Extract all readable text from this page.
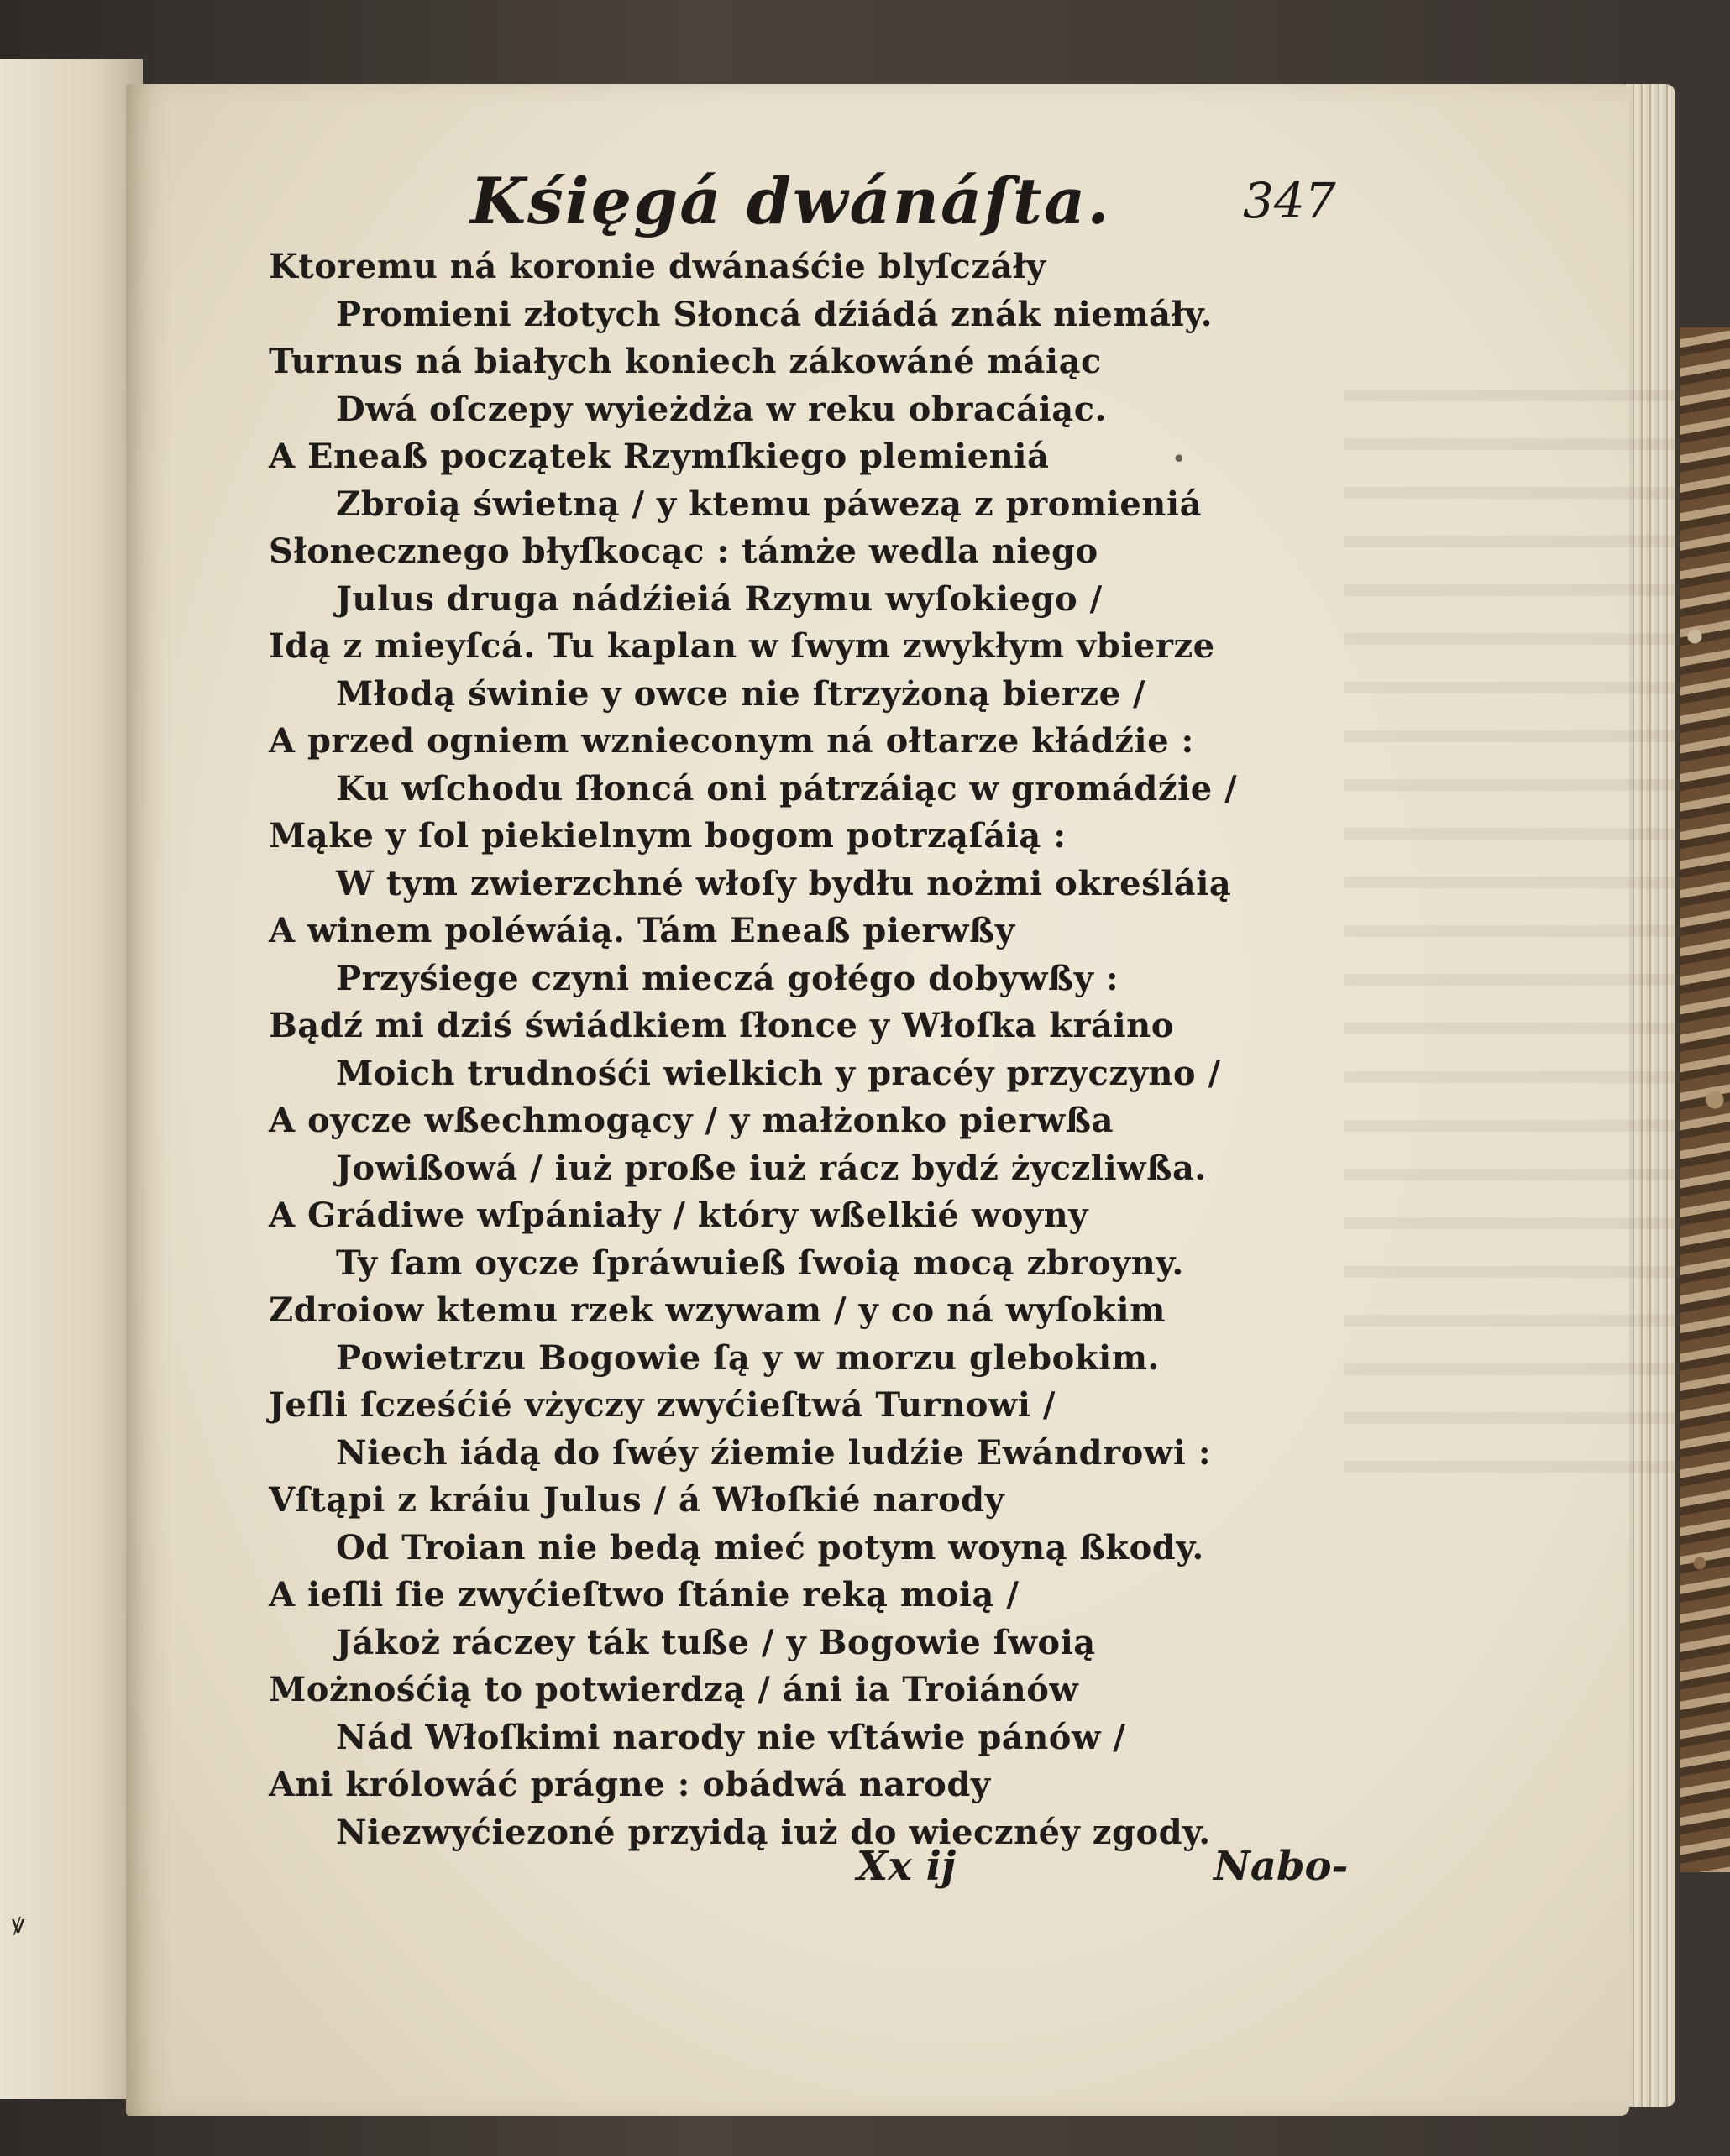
ꝟ
Kśięgá dwánáſta.	347
•
Ktoremu ná koronie dwánaśćie blyſczáły
Promieni złotych Słoncá dźiádá znák niemáły.
Turnus ná białych koniech zákowáné máiąc
Dwá oſczepy wyieżdża w reku obracáiąc.
A Eneaß początek Rzymſkiego plemieniá
Zbroią świetną / y ktemu páwezą z promieniá
Słonecznego błyſkocąc : támże wedla niego
Julus druga nádźieiá Rzymu wyſokiego /
Idą z mieyſcá. Tu kaplan w ſwym zwykłym vbierze
Młodą świnie y owce nie ſtrzyżoną bierze /
A przed ogniem wznieconym ná ołtarze kłádźie :
Ku wſchodu ſłoncá oni pátrzáiąc w gromádźie /
Mąke y ſol piekielnym bogom potrząſáią :
W tym zwierzchné włoſy bydłu nożmi określáią
A winem poléwáią. Tám Eneaß pierwßy
Przyśiege czyni mieczá gołégo dobywßy :
Bądź mi dziś świádkiem ſłonce y Włoſka kráino
Moich trudnośći wielkich y pracéy przyczyno /
A oycze wßechmogący / y małżonko pierwßa
Jowißowá / iuż proße iuż rácz bydź życzliwßa.
A Grádiwe wſpániały / który wßelkié woyny
Ty ſam oycze ſpráwuieß ſwoią mocą zbroyny.
Zdroiow ktemu rzek wzywam / y co ná wyſokim
Powietrzu Bogowie ſą y w morzu glebokim.
Jeſli ſcześćié vżyczy zwyćieſtwá Turnowi /
Niech iádą do ſwéy źiemie ludźie Ewándrowi :
Vſtąpi z kráiu Julus / á Włoſkié narody
Od Troian nie bedą mieć potym woyną ßkody.
A ieſli ſie zwyćieſtwo ſtánie reką moią /
Jákoż ráczey ták tuße / y Bogowie ſwoią
Możnośćią to potwierdzą / áni ia Troiánów
Nád Włoſkimi narody nie vſtáwie pánów /
Ani królowáć prágne : obádwá narody
Niezwyćiezoné przyidą iuż do wiecznéy zgody.
Xx ij	Nabo-
